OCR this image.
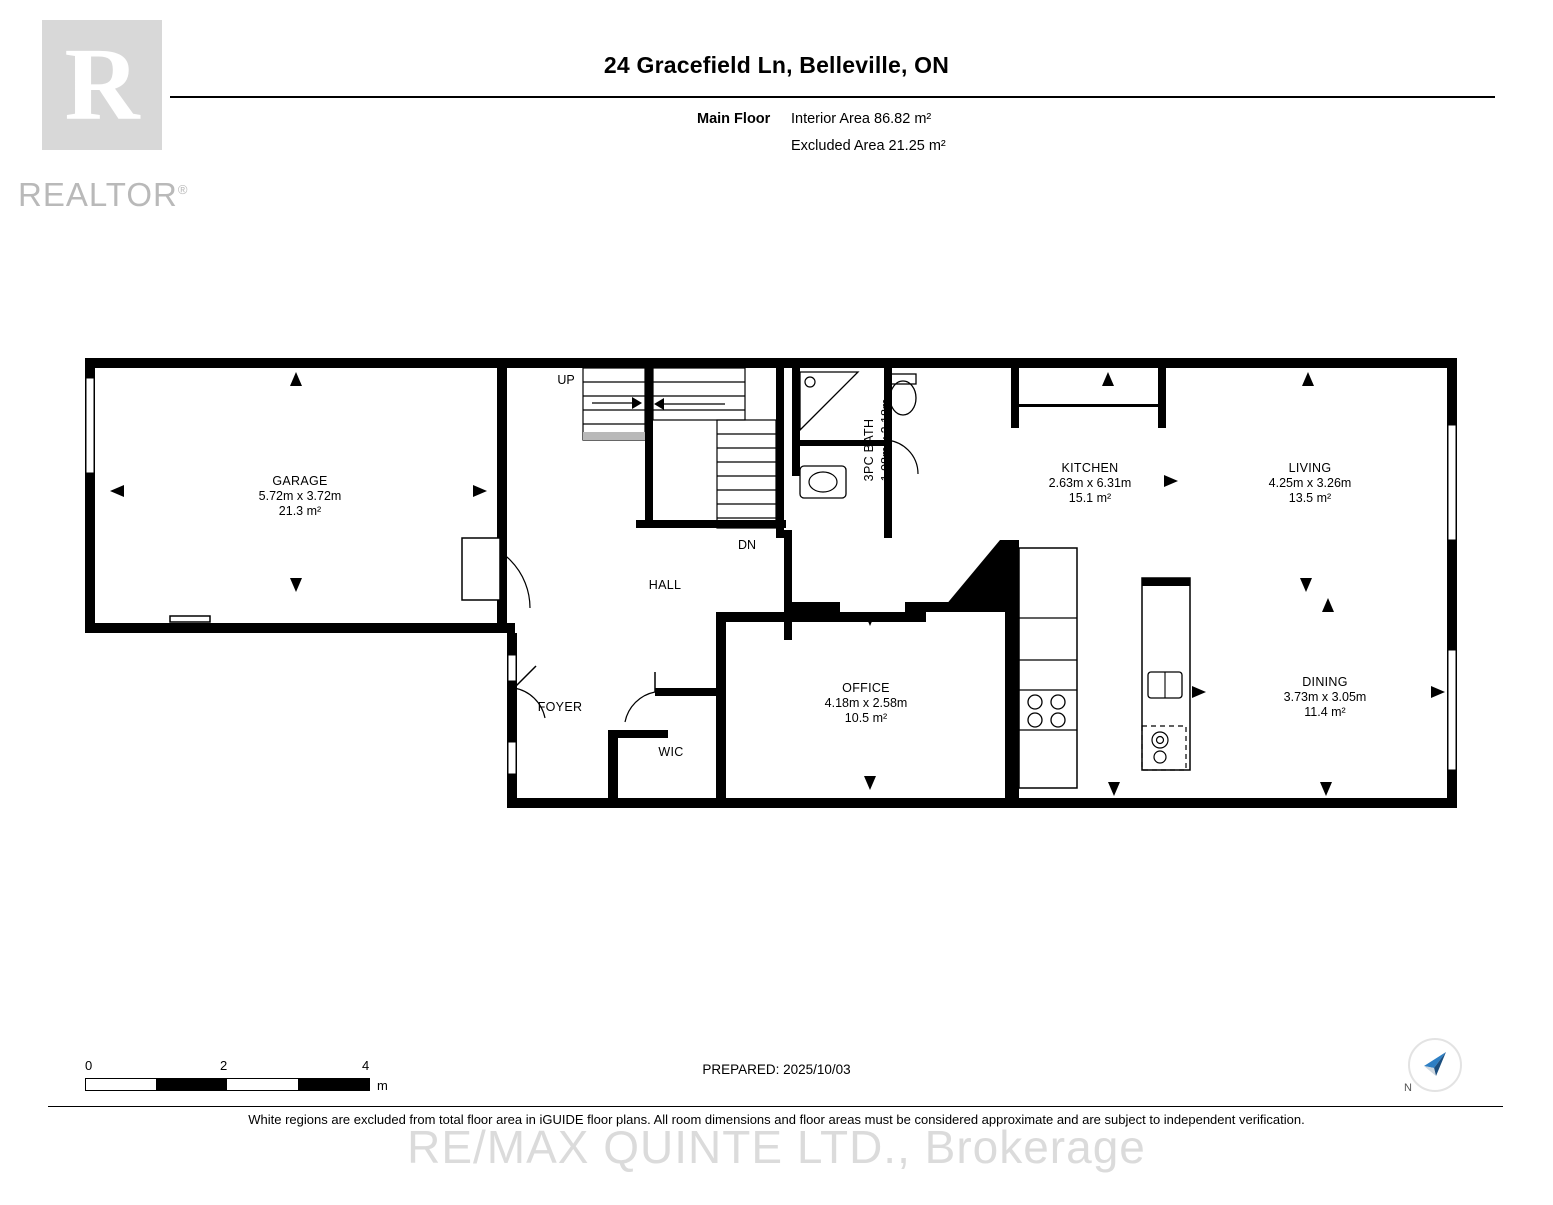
R
REALTOR®
24 Gracefield Ln, Belleville, ON
Main Floor Interior Area 86.82 m²
Excluded Area 21.25 m²
GARAGE
5.72m x 3.72m
21.3 m²
KITCHEN
2.63m x 6.31m
15.1 m²
LIVING
4.25m x 3.26m
13.5 m²
DINING
3.73m x 3.05m
11.4 m²
OFFICE
4.18m x 2.58m
10.5 m²
3PC BATH 1.98m x 2.18m
HALL
FOYER
WIC
UP
DN
0	2	4
m
PREPARED: 2025/10/03
N
White regions are excluded from total floor area in iGUIDE floor plans. All room dimensions and floor areas must be considered approximate and are subject to independent verification.
RE/MAX QUINTE LTD., Brokerage
